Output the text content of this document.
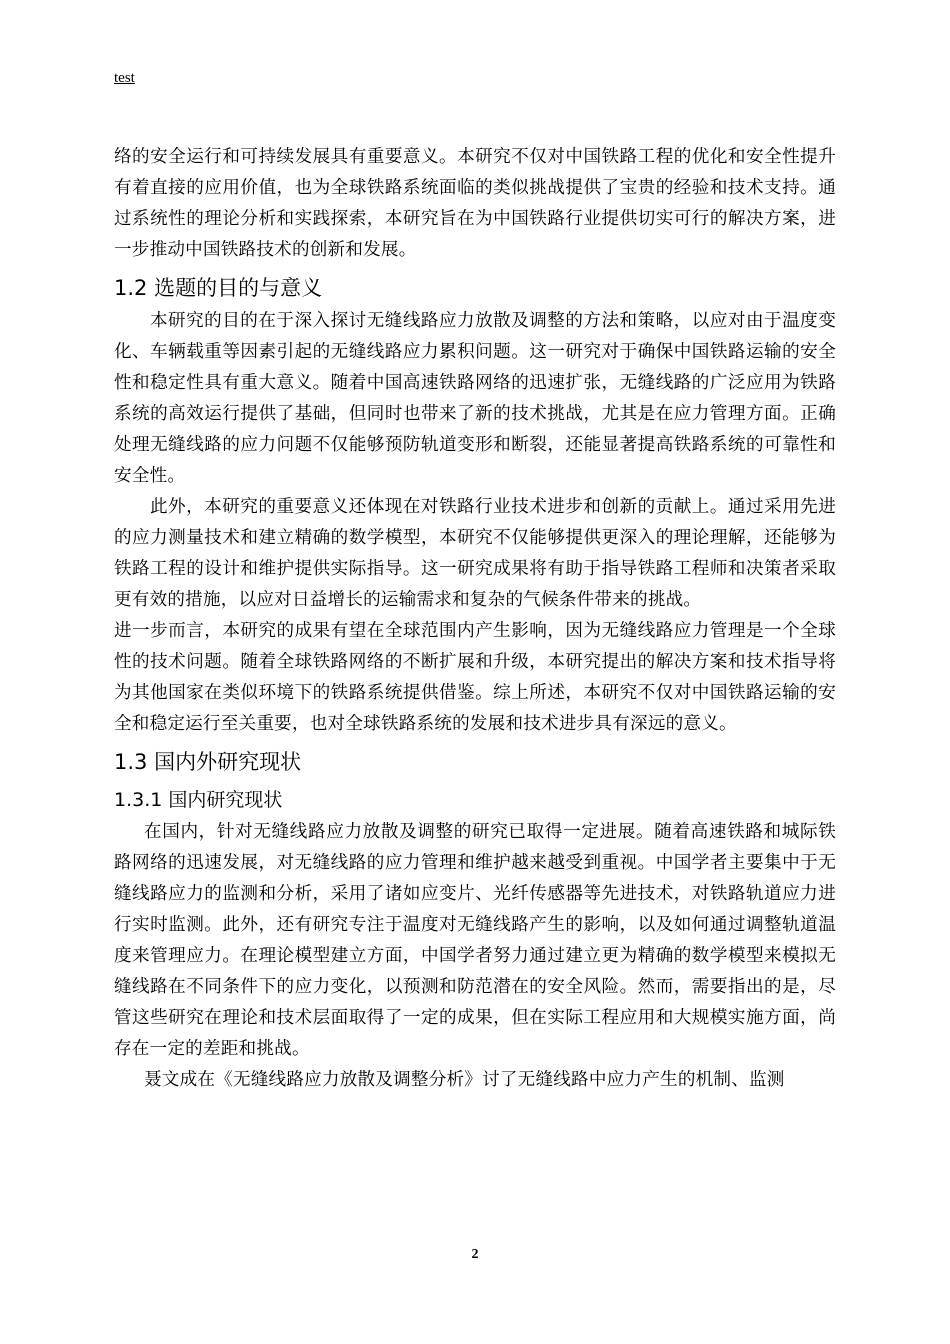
test

络的安全运行和可持续发展具有重要意义。本研究不仅对中国铁路工程的优化和安全性提升有着直接的应用价值，也为全球铁路系统面临的类似挑战提供了宝贵的经验和技术支持。通过系统性的理论分析和实践探索，本研究旨在为中国铁路行业提供切实可行的解决方案，进一步推动中国铁路技术的创新和发展。

1.2 选题的目的与意义

本研究的目的在于深入探讨无缝线路应力放散及调整的方法和策略，以应对由于温度变化、车辆载重等因素引起的无缝线路应力累积问题。这一研究对于确保中国铁路运输的安全性和稳定性具有重大意义。随着中国高速铁路网络的迅速扩张，无缝线路的广泛应用为铁路系统的高效运行提供了基础，但同时也带来了新的技术挑战，尤其是在应力管理方面。正确处理无缝线路的应力问题不仅能够预防轨道变形和断裂，还能显著提高铁路系统的可靠性和安全性。

此外，本研究的重要意义还体现在对铁路行业技术进步和创新的贡献上。通过采用先进的应力测量技术和建立精确的数学模型，本研究不仅能够提供更深入的理论理解，还能够为铁路工程的设计和维护提供实际指导。这一研究成果将有助于指导铁路工程师和决策者采取更有效的措施，以应对日益增长的运输需求和复杂的气候条件带来的挑战。

进一步而言，本研究的成果有望在全球范围内产生影响，因为无缝线路应力管理是一个全球性的技术问题。随着全球铁路网络的不断扩展和升级，本研究提出的解决方案和技术指导将为其他国家在类似环境下的铁路系统提供借鉴。综上所述，本研究不仅对中国铁路运输的安全和稳定运行至关重要，也对全球铁路系统的发展和技术进步具有深远的意义。

1.3 国内外研究现状
1.3.1 国内研究现状

在国内，针对无缝线路应力放散及调整的研究已取得一定进展。随着高速铁路和城际铁路网络的迅速发展，对无缝线路的应力管理和维护越来越受到重视。中国学者主要集中于无缝线路应力的监测和分析，采用了诸如应变片、光纤传感器等先进技术，对铁路轨道应力进行实时监测。此外，还有研究专注于温度对无缝线路产生的影响，以及如何通过调整轨道温度来管理应力。在理论模型建立方面，中国学者努力通过建立更为精确的数学模型来模拟无缝线路在不同条件下的应力变化，以预测和防范潜在的安全风险。然而，需要指出的是，尽管这些研究在理论和技术层面取得了一定的成果，但在实际工程应用和大规模实施方面，尚存在一定的差距和挑战。

聂文成在《无缝线路应力放散及调整分析》讨了无缝线路中应力产生的机制、监测

2
